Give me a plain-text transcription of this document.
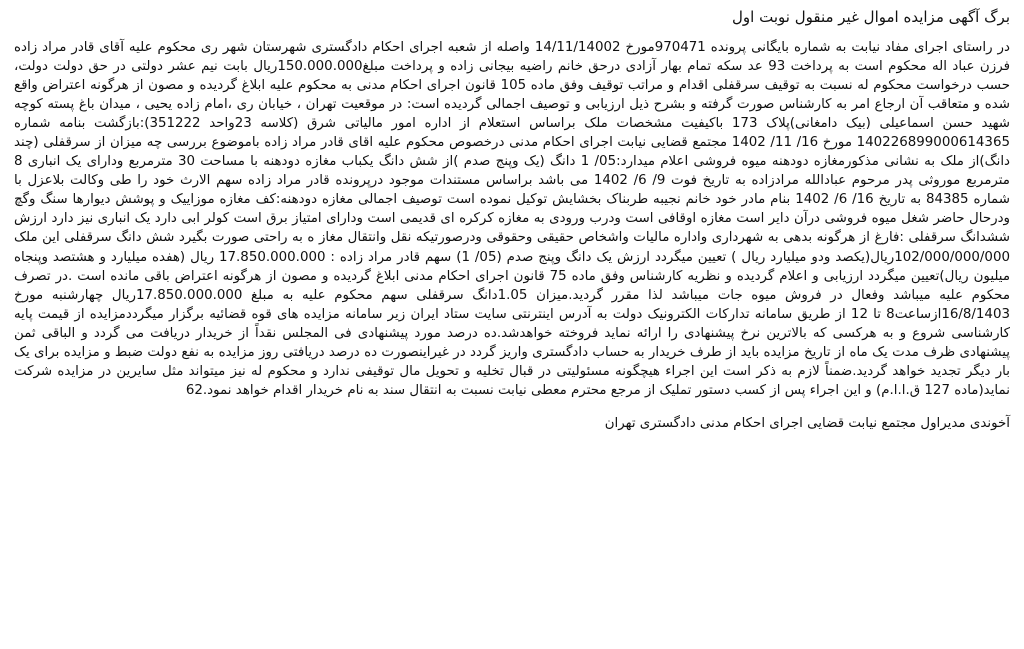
برگ آگهی مزایده اموال غیر منقول نوبت اول

در راستای اجرای مفاد نیابت به شماره بایگانی پرونده 970471مورخ 14/11/14002 واصله از شعبه اجرای احکام دادگستری شهرستان شهر ری محکوم علیه آقای قادر مراد زاده فرزن عباد اله محکوم است به پرداخت 93 عد سکه تمام بهار آزادی درحق خانم راضیه بیجانی زاده و پرداخت مبلغ150.000.000ریال بابت نیم عشر دولتی در حق دولت دولت، حسب درخواست محکوم له نسبت به توقیف سرقفلی اقدام و مراتب توقیف وفق ماده 105 قانون اجرای احکام مدنی به محکوم علیه ابلاغ گردیده و مصون از هرگونه اعتراض واقع شده و متعاقب آن ارجاع امر به کارشناس صورت گرفته و بشرح ذیل ارزیابی و توصیف اجمالی گردیده است: در موقعیت تهران ، خیابان ری ،امام زاده یحیی ، میدان باغ پسته کوچه شهید حسن اسماعیلی (بیک دامغانی)پلاک 173 باکیفیت مشخصات ملک براساس استعلام از اداره امور مالیاتی شرق (کلاسه 23واحد 351222):بازگشت بنامه شماره 140226899000614365 مورخ 16/ 11/ 1402 مجتمع قضایی نیابت اجرای احکام مدنی درخصوص محکوم علیه اقای قادر مراد زاده باموضوع بررسی چه میزان از سرقفلی (چند دانگ)از ملک به نشانی مذکورمغازه دودهنه میوه فروشی اعلام میدارد:05/ 1 دانگ (یک وپنج صدم )از شش دانگ یکباب مغازه دودهنه با مساحت 30 مترمربع ودارای یک انباری 8 مترمربع موروثی پدر مرحوم عبادالله مرادزاده به تاریخ فوت 9/ 6/ 1402 می باشد براساس مستندات موجود درپرونده قادر مراد زاده سهم الارث خود را طی وکالت بلاعزل با شماره 84385 به تاریخ 16/ 6/ 1402 بنام مادر خود خانم نجیبه طربناک بخشایش توکیل نموده است توصیف اجمالی مغازه دودهنه:کف مغازه موزاییک و پوشش دیوارها سنگ وگچ ودرحال حاضر شغل میوه فروشی درآن دایر است مغازه اوقافی است ودرب ورودی به مغازه کرکره ای قدیمی است ودارای امتیاز برق است کولر ابی دارد یک انباری نیز دارد ارزش ششدانگ سرقفلی :فارغ از هرگونه بدهی به شهرداری واداره مالیات واشخاص حقیقی وحقوقی ودرصورتیکه نقل وانتقال مغاز ه به راحتی صورت بگیرد شش دانگ سرقفلی این ملک 102/000/000/000ریال(یکصد ودو میلیارد ریال ) تعیین میگردد ارزش یک دانگ وپنج صدم (05/ 1) سهم قادر مراد زاده : 17.850.000.000 ریال (هفده میلیارد و هشتصد وپنجاه میلیون ریال)تعیین میگردد ارزیابی و اعلام گردیده و نظریه کارشناس وفق ماده 75 قانون اجرای احکام مدنی ابلاغ گردیده و مصون از هرگونه اعتراض باقی مانده است .در تصرف محکوم علیه میباشد وفعال در فروش میوه جات میباشد لذا مقرر گردید.میزان 1.05دانگ سرقفلی سهم محکوم علیه به مبلغ 17.850.000.000ریال چهارشنبه مورخ 16/8/1403ازساعت8 تا 12 از طریق سامانه تدارکات الکترونیک دولت به آدرس اینترنتی سایت ستاد ایران زیر سامانه مزایده های قوه قضائیه برگزار میگرددمزایده از قیمت پایه کارشناسی شروع و به هرکسی که بالاترین نرخ پیشنهادی را ارائه نماید فروخته خواهدشد.ده درصد مورد پیشنهادی فی المجلس نقداً از خریدار دریافت می گردد و الباقی ثمن پیشنهادی ظرف مدت یک ماه از تاریخ مزایده باید از طرف خریدار به حساب دادگستری واریز گردد در غیراینصورت ده درصد دریافتی روز مزایده به نفع دولت ضبط و مزایده برای یک بار دیگر تجدید خواهد گردید.ضمناً لازم به ذکر است این اجراء هیچگونه مسئولیتی در قبال تخلیه و تحویل مال توقیفی ندارد و محکوم له نیز میتواند مثل سایرین در مزایده شرکت نماید(ماده 127 ق.ا.ا.م) و این اجراء پس از کسب دستور تملیک از مرجع محترم معطی نیابت نسبت به انتقال سند به نام خریدار اقدام خواهد نمود.62

آخوندی مدیراول مجتمع نیابت قضایی اجرای احکام مدنی دادگستری تهران
